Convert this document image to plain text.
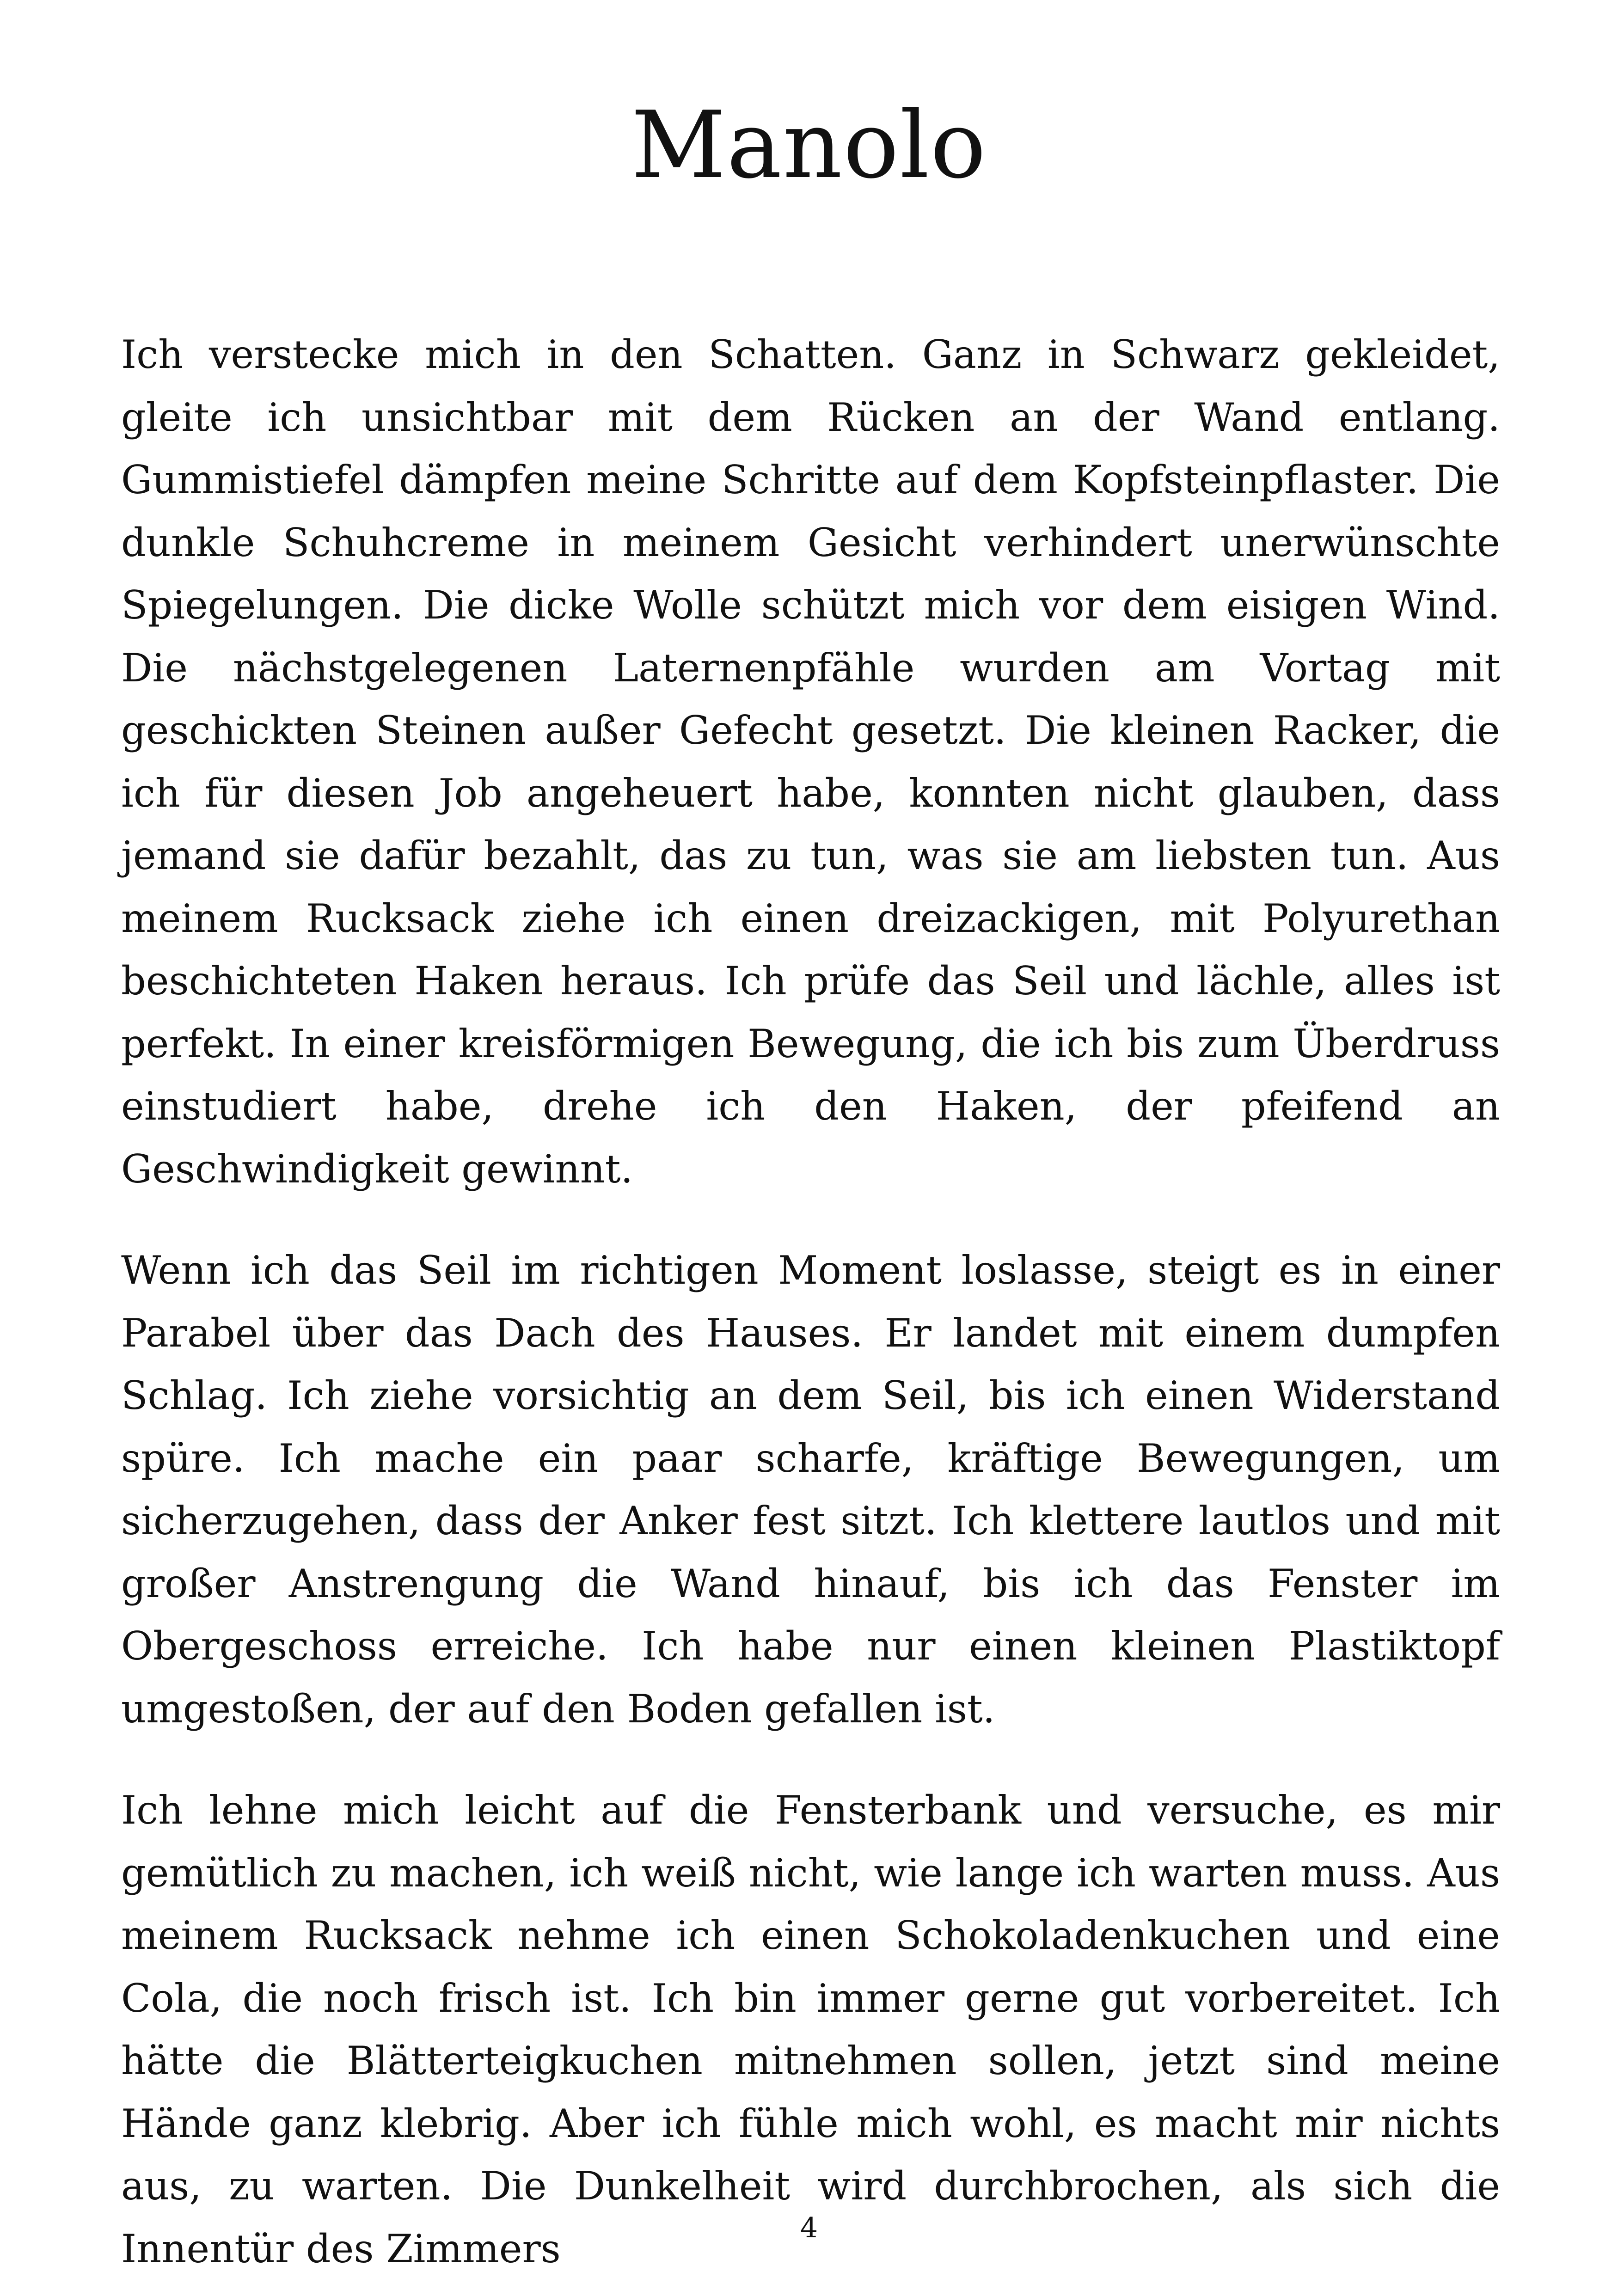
Manolo

Ich verstecke mich in den Schatten. Ganz in Schwarz gekleidet, gleite ich unsichtbar mit dem Rücken an der Wand entlang. Gummistiefel dämpfen meine Schritte auf dem Kopfsteinpflaster. Die dunkle Schuhcreme in meinem Gesicht verhindert unerwünschte Spiegelungen. Die dicke Wolle schützt mich vor dem eisigen Wind. Die nächstgelegenen Laternenpfähle wurden am Vortag mit geschickten Steinen außer Gefecht gesetzt. Die kleinen Racker, die ich für diesen Job angeheuert habe, konnten nicht glauben, dass jemand sie dafür bezahlt, das zu tun, was sie am liebsten tun. Aus meinem Rucksack ziehe ich einen dreizackigen, mit Polyurethan beschichteten Haken heraus. Ich prüfe das Seil und lächle, alles ist perfekt. In einer kreisförmigen Bewegung, die ich bis zum Überdruss einstudiert habe, drehe ich den Haken, der pfeifend an Geschwindigkeit gewinnt.

Wenn ich das Seil im richtigen Moment loslasse, steigt es in einer Parabel über das Dach des Hauses. Er landet mit einem dumpfen Schlag. Ich ziehe vorsichtig an dem Seil, bis ich einen Widerstand spüre. Ich mache ein paar scharfe, kräftige Bewegungen, um sicherzugehen, dass der Anker fest sitzt. Ich klettere lautlos und mit großer Anstrengung die Wand hinauf, bis ich das Fenster im Obergeschoss erreiche. Ich habe nur einen kleinen Plastiktopf umgestoßen, der auf den Boden gefallen ist.

Ich lehne mich leicht auf die Fensterbank und versuche, es mir gemütlich zu machen, ich weiß nicht, wie lange ich warten muss. Aus meinem Rucksack nehme ich einen Schokoladenkuchen und eine Cola, die noch frisch ist. Ich bin immer gerne gut vorbereitet. Ich hätte die Blätterteigkuchen mitnehmen sollen, jetzt sind meine Hände ganz klebrig. Aber ich fühle mich wohl, es macht mir nichts aus, zu warten. Die Dunkelheit wird durchbrochen, als sich die Innentür des Zimmers	4
